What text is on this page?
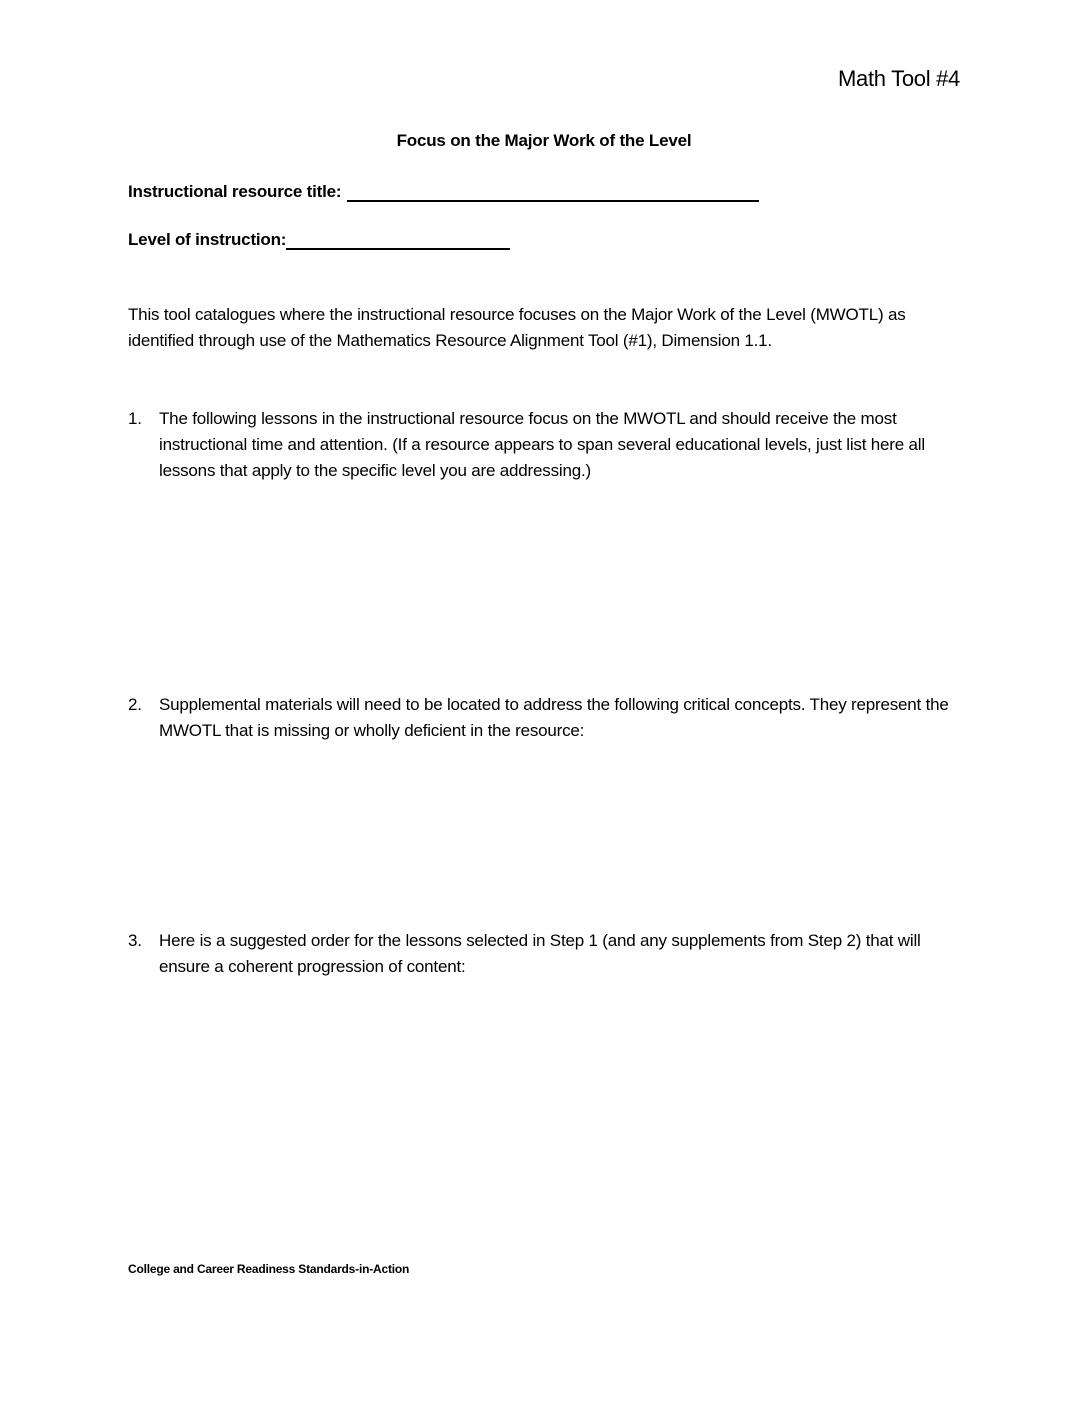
Math Tool #4
Focus on the Major Work of the Level
Instructional resource title:
Level of instruction:
This tool catalogues where the instructional resource focuses on the Major Work of the Level (MWOTL) as identified through use of the Mathematics Resource Alignment Tool (#1), Dimension 1.1.
1.	The following lessons in the instructional resource focus on the MWOTL and should receive the most instructional time and attention. (If a resource appears to span several educational levels, just list here all lessons that apply to the specific level you are addressing.)
2.	Supplemental materials will need to be located to address the following critical concepts. They represent the MWOTL that is missing or wholly deficient in the resource:
3.	Here is a suggested order for the lessons selected in Step 1 (and any supplements from Step 2) that will ensure a coherent progression of content:
College and Career Readiness Standards-in-Action
